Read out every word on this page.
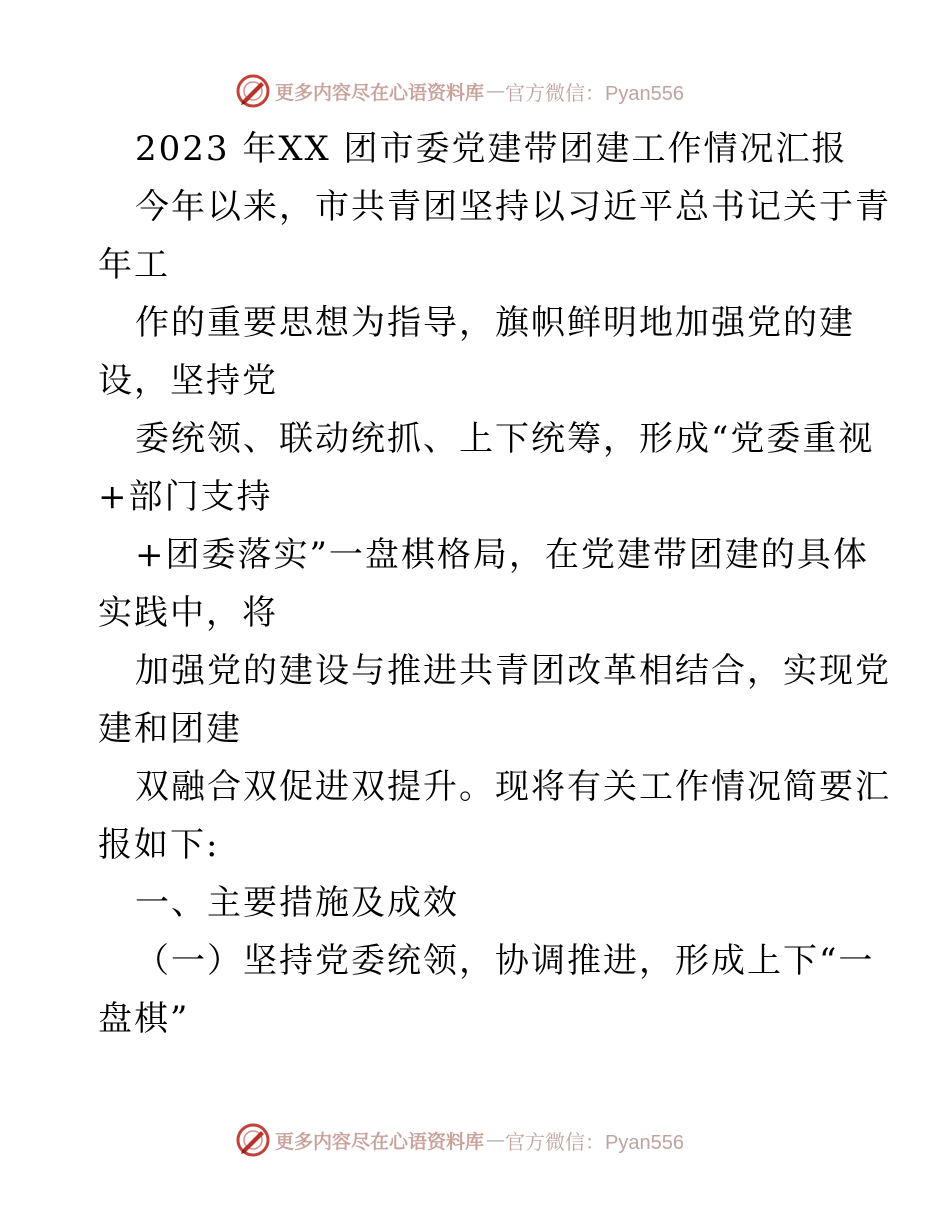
更多内容尽在心语资料库 — 官方微信：Pyan556
2023 年XX 团市委党建带团建工作情况汇报
今年以来，市共青团坚持以习近平总书记关于青
年工
作的重要思想为指导，旗帜鲜明地加强党的建
设，坚持党
委统领、联动统抓、上下统筹，形成“党委重视
+部门支持
+团委落实”一盘棋格局，在党建带团建的具体
实践中，将
加强党的建设与推进共青团改革相结合，实现党
建和团建
双融合双促进双提升。现将有关工作情况简要汇
报如下:
一、主要措施及成效
（一）坚持党委统领，协调推进，形成上下“一
盘棋”
更多内容尽在心语资料库 — 官方微信：Pyan556
